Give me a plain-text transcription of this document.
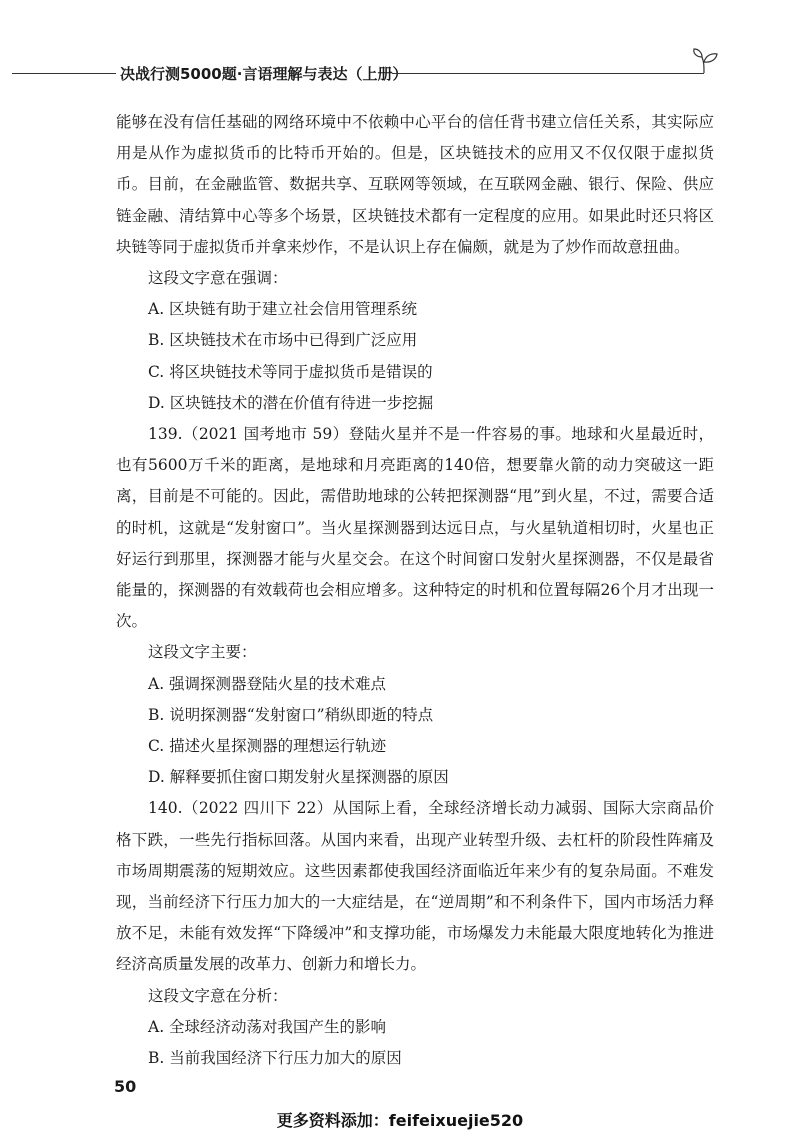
决战行测5000题·言语理解与表达（上册）

能够在没有信任基础的网络环境中不依赖中心平台的信任背书建立信任关系，其实际应用是从作为虚拟货币的比特币开始的。但是，区块链技术的应用又不仅仅限于虚拟货币。目前，在金融监管、数据共享、互联网等领域，在互联网金融、银行、保险、供应链金融、清结算中心等多个场景，区块链技术都有一定程度的应用。如果此时还只将区块链等同于虚拟货币并拿来炒作，不是认识上存在偏颇，就是为了炒作而故意扭曲。

这段文字意在强调：

A. 区块链有助于建立社会信用管理系统

B. 区块链技术在市场中已得到广泛应用

C. 将区块链技术等同于虚拟货币是错误的

D. 区块链技术的潜在价值有待进一步挖掘

139.（2021 国考地市 59）登陆火星并不是一件容易的事。地球和火星最近时，也有5600万千米的距离，是地球和月亮距离的140倍，想要靠火箭的动力突破这一距离，目前是不可能的。因此，需借助地球的公转把探测器“甩”到火星，不过，需要合适的时机，这就是“发射窗口”。当火星探测器到达远日点，与火星轨道相切时，火星也正好运行到那里，探测器才能与火星交会。在这个时间窗口发射火星探测器，不仅是最省能量的，探测器的有效载荷也会相应增多。这种特定的时机和位置每隔26个月才出现一次。

这段文字主要：

A. 强调探测器登陆火星的技术难点

B. 说明探测器“发射窗口”稍纵即逝的特点

C. 描述火星探测器的理想运行轨迹

D. 解释要抓住窗口期发射火星探测器的原因

140.（2022 四川下 22）从国际上看，全球经济增长动力减弱、国际大宗商品价格下跌，一些先行指标回落。从国内来看，出现产业转型升级、去杠杆的阶段性阵痛及市场周期震荡的短期效应。这些因素都使我国经济面临近年来少有的复杂局面。不难发现，当前经济下行压力加大的一大症结是，在“逆周期”和不利条件下，国内市场活力释放不足，未能有效发挥“下降缓冲”和支撑功能，市场爆发力未能最大限度地转化为推进经济高质量发展的改革力、创新力和增长力。

这段文字意在分析：

A. 全球经济动荡对我国产生的影响

B. 当前我国经济下行压力加大的原因

50
更多资料添加：feifeixuejie520
